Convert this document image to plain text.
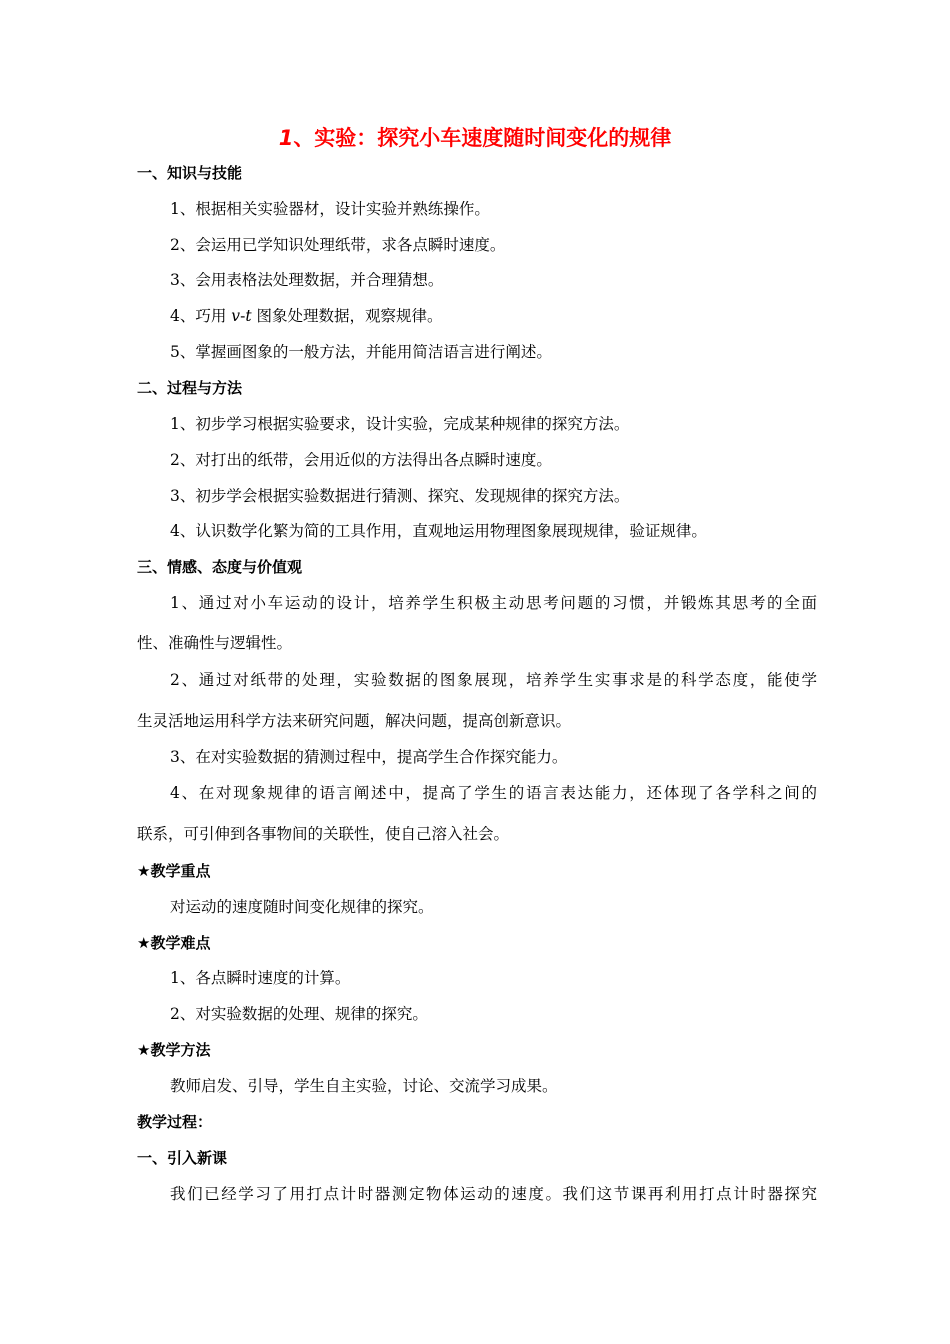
1、实验：探究小车速度随时间变化的规律
一、知识与技能
1、根据相关实验器材，设计实验并熟练操作。
2、会运用已学知识处理纸带，求各点瞬时速度。
3、会用表格法处理数据，并合理猜想。
4、巧用 v-t 图象处理数据，观察规律。
5、掌握画图象的一般方法，并能用简洁语言进行阐述。
二、过程与方法
1、初步学习根据实验要求，设计实验，完成某种规律的探究方法。
2、对打出的纸带，会用近似的方法得出各点瞬时速度。
3、初步学会根据实验数据进行猜测、探究、发现规律的探究方法。
4、认识数学化繁为简的工具作用，直观地运用物理图象展现规律，验证规律。
三、情感、态度与价值观
1、通过对小车运动的设计，培养学生积极主动思考问题的习惯，并锻炼其思考的全面
性、准确性与逻辑性。
2、通过对纸带的处理，实验数据的图象展现，培养学生实事求是的科学态度，能使学
生灵活地运用科学方法来研究问题，解决问题，提高创新意识。
3、在对实验数据的猜测过程中，提高学生合作探究能力。
4、在对现象规律的语言阐述中，提高了学生的语言表达能力，还体现了各学科之间的
联系，可引伸到各事物间的关联性，使自己溶入社会。
★教学重点
对运动的速度随时间变化规律的探究。
★教学难点
1、各点瞬时速度的计算。
2、对实验数据的处理、规律的探究。
★教学方法
教师启发、引导，学生自主实验，讨论、交流学习成果。
教学过程：
一、引入新课
我们已经学习了用打点计时器测定物体运动的速度。我们这节课再利用打点计时器探究
